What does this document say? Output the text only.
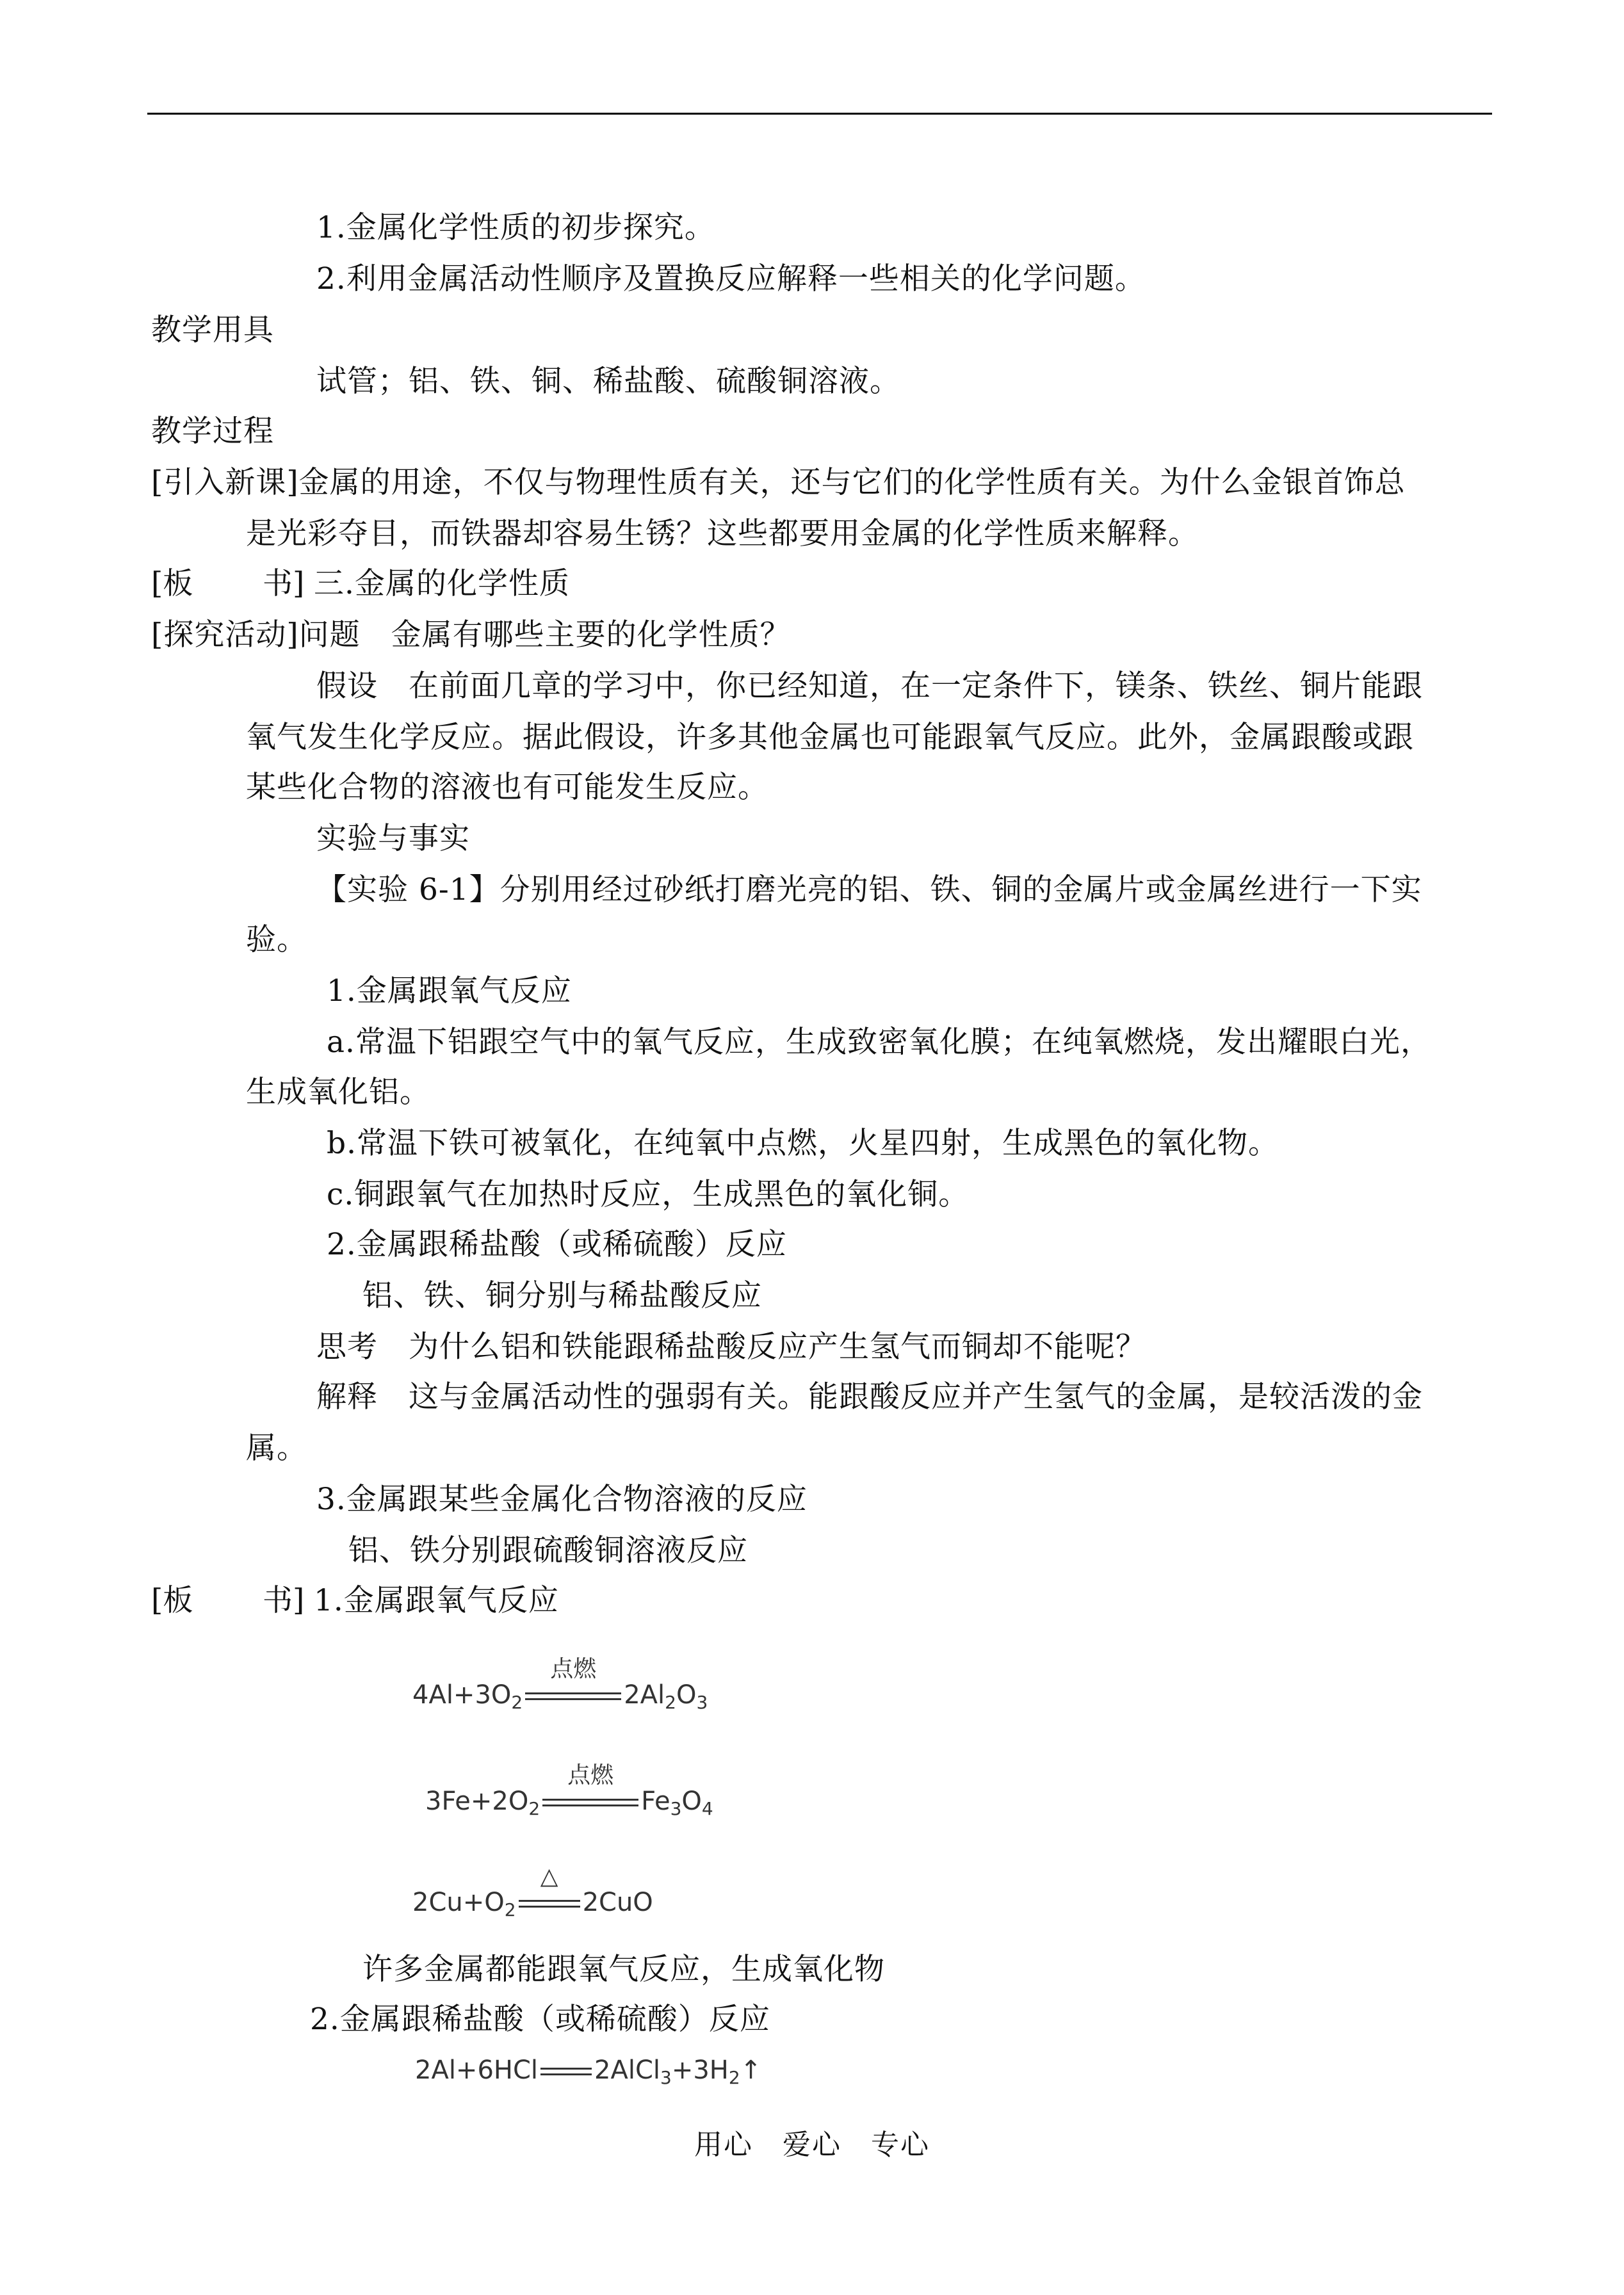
1.金属化学性质的初步探究。
2.利用金属活动性顺序及置换反应解释一些相关的化学问题。
教学用具
试管；铝、铁、铜、稀盐酸、硫酸铜溶液。
教学过程
[引入新课]金属的用途，不仅与物理性质有关，还与它们的化学性质有关。为什么金银首饰总
是光彩夺目，而铁器却容易生锈？这些都要用金属的化学性质来解释。
[板 书] 三.金属的化学性质
[探究活动]问题　金属有哪些主要的化学性质？
假设　在前面几章的学习中，你已经知道，在一定条件下，镁条、铁丝、铜片能跟
氧气发生化学反应。据此假设，许多其他金属也可能跟氧气反应。此外，金属跟酸或跟
某些化合物的溶液也有可能发生反应。
实验与事实
【实验 6-1】分别用经过砂纸打磨光亮的铝、铁、铜的金属片或金属丝进行一下实
验。
1.金属跟氧气反应
a.常温下铝跟空气中的氧气反应，生成致密氧化膜；在纯氧燃烧，发出耀眼白光，
生成氧化铝。
b.常温下铁可被氧化，在纯氧中点燃，火星四射，生成黑色的氧化物。
c.铜跟氧气在加热时反应，生成黑色的氧化铜。
2.金属跟稀盐酸（或稀硫酸）反应
铝、铁、铜分别与稀盐酸反应
思考　为什么铝和铁能跟稀盐酸反应产生氢气而铜却不能呢？
解释　这与金属活动性的强弱有关。能跟酸反应并产生氢气的金属，是较活泼的金
属。
3.金属跟某些金属化合物溶液的反应
铝、铁分别跟硫酸铜溶液反应
[板 书] 1.金属跟氧气反应
$4Al+3O_2$
点燃
$2Al_2O_3$
$3Fe+2O_2$
点燃
$Fe_3O_4$
$2Cu+O_2$
△
2CuO
许多金属都能跟氧气反应，生成氧化物
2.金属跟稀盐酸（或稀硫酸）反应
2Al+6HCl $2AlCl_3+3H_2↑$
用心　爱心　专心
